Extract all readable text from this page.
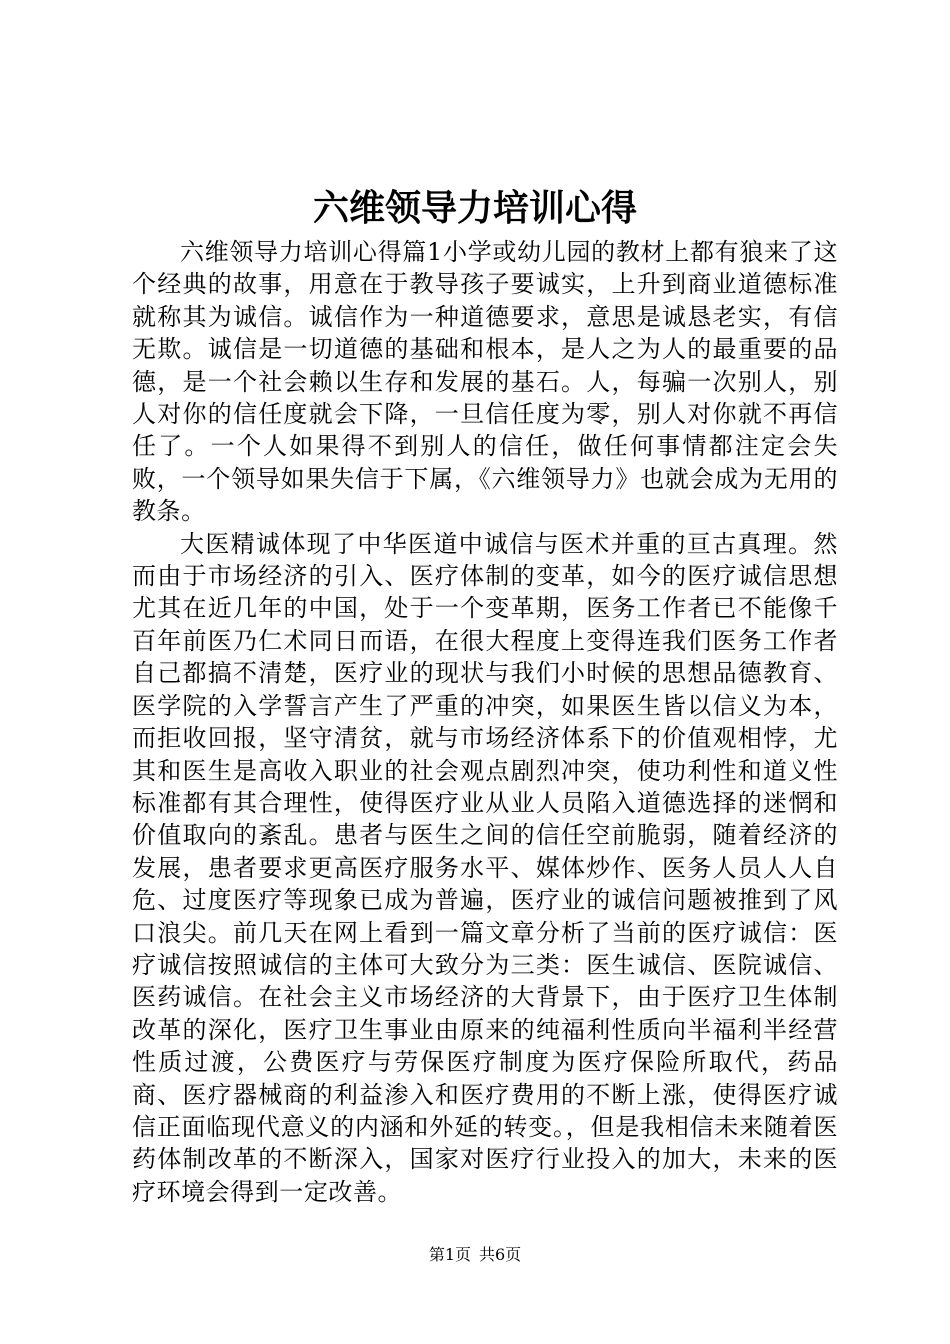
六维领导力培训心得

六维领导力培训心得篇1小学或幼儿园的教材上都有狼来了这个经典的故事，用意在于教导孩子要诚实，上升到商业道德标准就称其为诚信。诚信作为一种道德要求，意思是诚恳老实，有信无欺。诚信是一切道德的基础和根本，是人之为人的最重要的品德，是一个社会赖以生存和发展的基石。人，每骗一次别人，别人对你的信任度就会下降，一旦信任度为零，别人对你就不再信任了。一个人如果得不到别人的信任，做任何事情都注定会失败，一个领导如果失信于下属，《六维领导力》也就会成为无用的教条。

大医精诚体现了中华医道中诚信与医术并重的亘古真理。然而由于市场经济的引入、医疗体制的变革，如今的医疗诚信思想尤其在近几年的中国，处于一个变革期，医务工作者已不能像千百年前医乃仁术同日而语，在很大程度上变得连我们医务工作者自己都搞不清楚，医疗业的现状与我们小时候的思想品德教育、医学院的入学誓言产生了严重的冲突，如果医生皆以信义为本，而拒收回报，坚守清贫，就与市场经济体系下的价值观相悖，尤其和医生是高收入职业的社会观点剧烈冲突，使功利性和道义性标准都有其合理性，使得医疗业从业人员陷入道德选择的迷惘和价值取向的紊乱。患者与医生之间的信任空前脆弱，随着经济的发展，患者要求更高医疗服务水平、媒体炒作、医务人员人人自危、过度医疗等现象已成为普遍，医疗业的诚信问题被推到了风口浪尖。前几天在网上看到一篇文章分析了当前的医疗诚信：医疗诚信按照诚信的主体可大致分为三类：医生诚信、医院诚信、医药诚信。在社会主义市场经济的大背景下，由于医疗卫生体制改革的深化，医疗卫生事业由原来的纯福利性质向半福利半经营性质过渡，公费医疗与劳保医疗制度为医疗保险所取代，药品商、医疗器械商的利益渗入和医疗费用的不断上涨，使得医疗诚信正面临现代意义的内涵和外延的转变。，但是我相信未来随着医药体制改革的不断深入，国家对医疗行业投入的加大，未来的医疗环境会得到一定改善。

第1页 共6页
